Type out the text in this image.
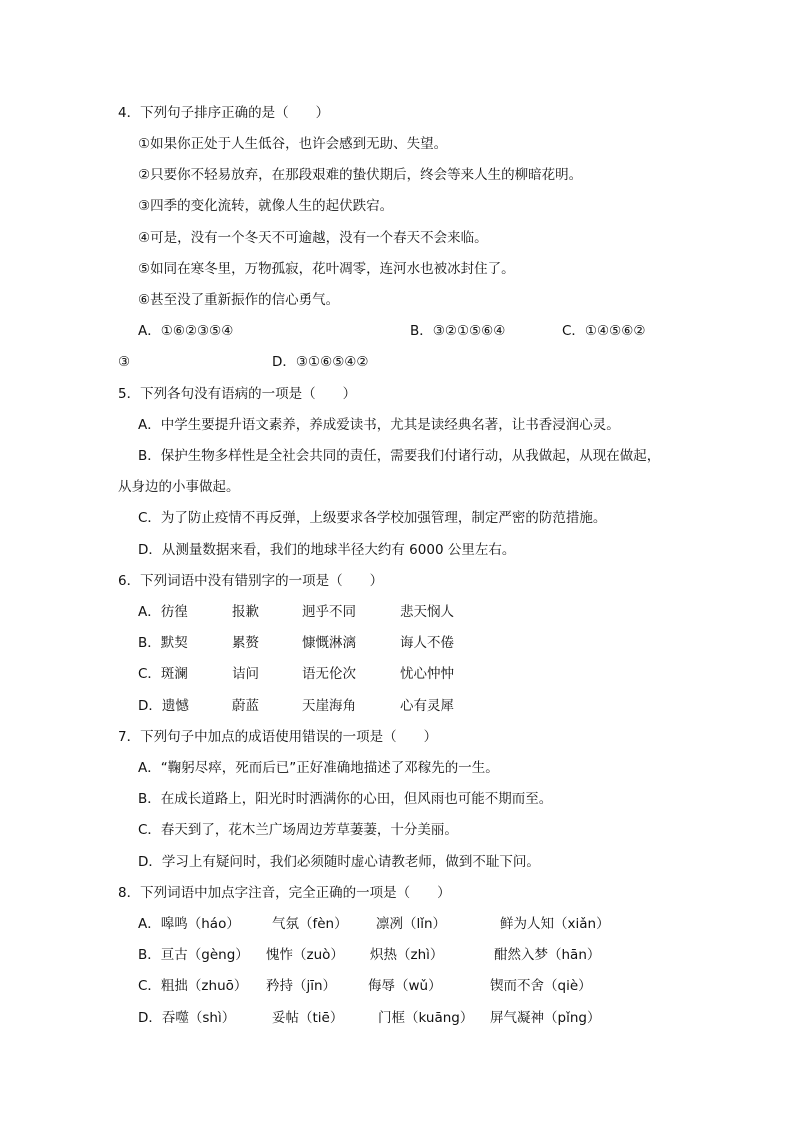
4．下列句子排序正确的是（　　）
①如果你正处于人生低谷，也许会感到无助、失望。
②只要你不轻易放弃，在那段艰难的蛰伏期后，终会等来人生的柳暗花明。
③四季的变化流转，就像人生的起伏跌宕。
④可是，没有一个冬天不可逾越，没有一个春天不会来临。
⑤如同在寒冬里，万物孤寂，花叶凋零，连河水也被冰封住了。
⑥甚至没了重新振作的信心勇气。
A．①⑥②③⑤④	B．③②①⑤⑥④	C．①④⑤⑥②
③	D．③①⑥⑤④②
5．下列各句没有语病的一项是（　　）
A．中学生要提升语文素养，养成爱读书，尤其是读经典名著，让书香浸润心灵。
B．保护生物多样性是全社会共同的责任，需要我们付诸行动，从我做起，从现在做起，
从身边的小事做起。
C．为了防止疫情不再反弹，上级要求各学校加强管理，制定严密的防范措施。
D．从测量数据来看，我们的地球半径大约有 6000 公里左右。
6．下列词语中没有错别字的一项是（　　）
A．彷徨	报歉	迥乎不同	悲天悯人
B．默契	累赘	慷慨淋漓	诲人不倦
C．斑澜	诘问	语无伦次	忧心忡忡
D．遗憾	蔚蓝	天崖海角	心有灵犀
7．下列句子中加点的成语使用错误的一项是（　　）
A．“鞠躬尽瘁，死而后已”正好准确地描述了邓稼先的一生。
B．在成长道路上，阳光时时洒满你的心田，但风雨也可能不期而至。
C．春天到了，花木兰广场周边芳草萋萋，十分美丽。
D．学习上有疑问时，我们必须随时虚心请教老师，做到不耻下问。
8．下列词语中加点字注音，完全正确的一项是（　　）
A．嗥鸣（háo） 气氛（fèn） 凛冽（lǐn）	鲜为人知（xiǎn）
B．亘古（gèng） 愧怍（zuò） 炽热（zhì）	酣然入梦（hān）
C．粗拙（zhuō） 矜持（jīn） 侮辱（wǔ）	锲而不舍（qiè）
D．吞噬（shì）	妥帖（tiē）	门框（kuāng） 屏气凝神（pǐng）
